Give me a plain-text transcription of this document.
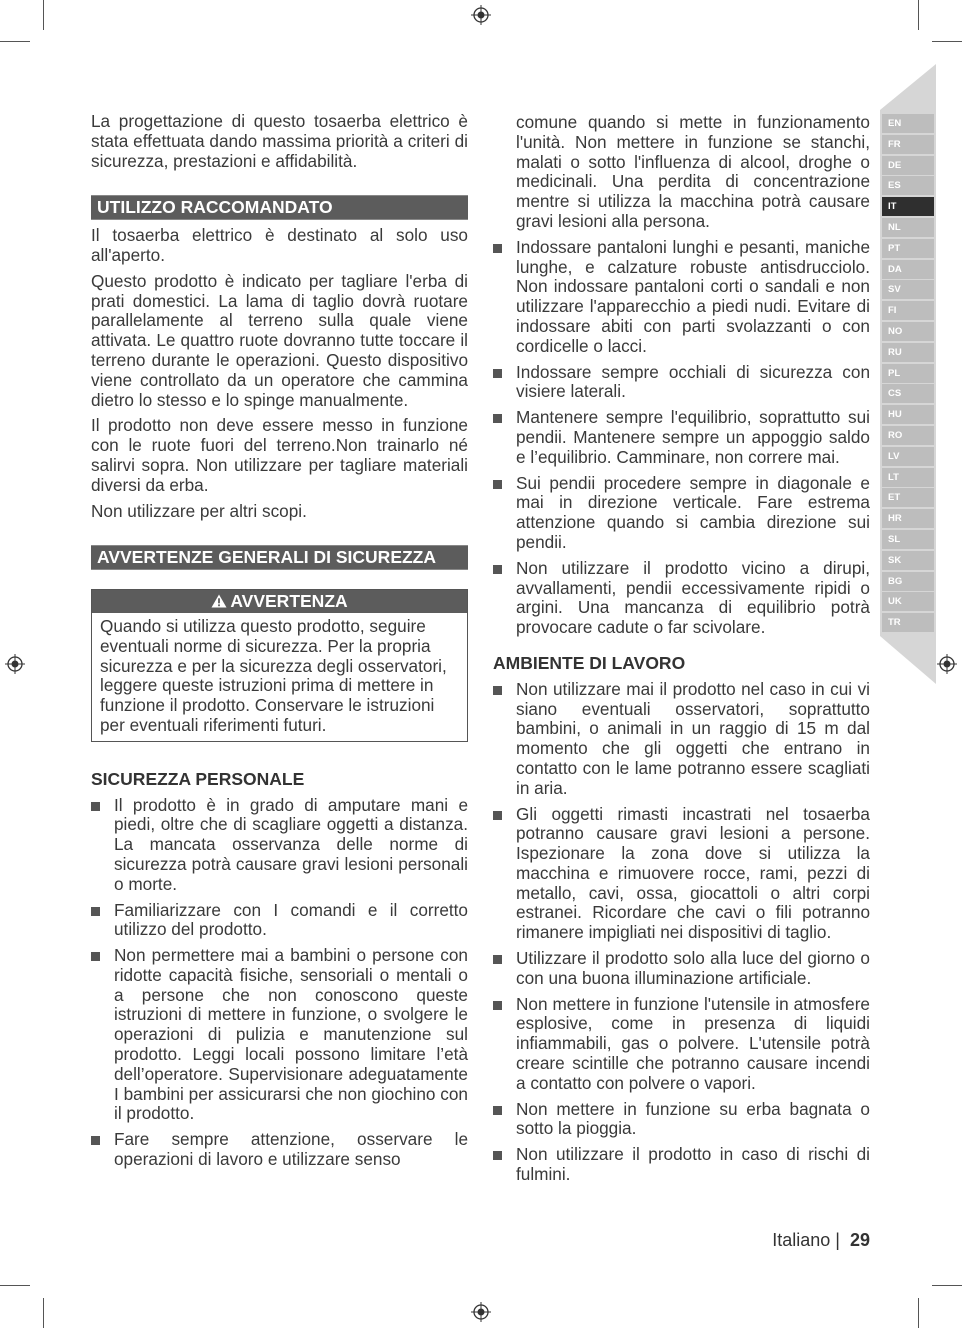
La progettazione di questo tosaerba elettrico è stata effettuata dando massima priorità a criteri di sicurezza, prestazioni e affidabilità.

UTILIZZO RACCOMANDATO

Il tosaerba elettrico è destinato al solo uso all'aperto.

Questo prodotto è indicato per tagliare l'erba di prati domestici. La lama di taglio dovrà ruotare parallelamente al terreno sulla quale viene attivata. Le quattro ruote dovranno tutte toccare il terreno durante le operazioni. Questo dispositivo viene controllato da un operatore che cammina dietro lo stesso e lo spinge manualmente.

Il prodotto non deve essere messo in funzione con le ruote fuori del terreno.Non trainarlo né salirvi sopra. Non utilizzare per tagliare materiali diversi da erba.

Non utilizzare per altri scopi.

AVVERTENZE GENERALI DI SICUREZZA
AVVERTENZA
Quando si utilizza questo prodotto, seguire eventuali norme di sicurezza. Per la propria sicurezza e per la sicurezza degli osservatori, leggere queste istruzioni prima di mettere in funzione il prodotto. Conservare le istruzioni per eventuali riferimenti futuri.
SICUREZZA PERSONALE
Il prodotto è in grado di amputare mani e piedi, oltre che di scagliare oggetti a distanza. La mancata osservanza delle norme di sicurezza potrà causare gravi lesioni personali o morte.
Familiarizzare con I comandi e il corretto utilizzo del prodotto.
Non permettere mai a bambini o persone con ridotte capacità fisiche, sensoriali o mentali o a persone che non conoscono queste istruzioni di mettere in funzione, o svolgere le operazioni di pulizia e manutenzione sul prodotto. Leggi locali possono limitare l’età dell’operatore. Supervisionare adeguatamente I bambini per assicurarsi che non giochino con il prodotto.
Fare sempre attenzione, osservare le operazioni di lavoro e utilizzare senso

comune quando si mette in funzionamento l'unità. Non mettere in funzione se stanchi, malati o sotto l'influenza di alcool, droghe o medicinali. Una perdita di concentrazione mentre si utilizza la macchina potrà causare gravi lesioni alla persona.

Indossare pantaloni lunghi e pesanti, maniche lunghe, e calzature robuste antisdrucciolo. Non indossare pantaloni corti o sandali e non utilizzare l'apparecchio a piedi nudi. Evitare di indossare abiti con parti svolazzanti o con cordicelle o lacci.
Indossare sempre occhiali di sicurezza con visiere laterali.
Mantenere sempre l'equilibrio, soprattutto sui pendii. Mantenere sempre un appoggio saldo e l’equilibrio. Camminare, non correre mai.
Sui pendii procedere sempre in diagonale e mai in direzione verticale. Fare estrema attenzione quando si cambia direzione sui pendii.
Non utilizzare il prodotto vicino a dirupi, avvallamenti, pendii eccessivamente ripidi o argini. Una mancanza di equilibrio potrà provocare cadute o far scivolare.
AMBIENTE DI LAVORO
Non utilizzare mai il prodotto nel caso in cui vi siano eventuali osservatori, soprattutto bambini, o animali in un raggio di 15 m dal momento che gli oggetti che entrano in contatto con le lame potranno essere scagliati in aria.
Gli oggetti rimasti incastrati nel tosaerba potranno causare gravi lesioni a persone. Ispezionare la zona dove si utilizza la macchina e rimuovere rocce, rami, pezzi di metallo, cavi, ossa, giocattoli o altri corpi estranei. Ricordare che cavi o fili potranno rimanere impigliati nei dispositivi di taglio.
Utilizzare il prodotto solo alla luce del giorno o con una buona illuminazione artificiale.
Non mettere in funzione l'utensile in atmosfere esplosive, come in presenza di liquidi infiammabili, gas o polvere. L'utensile potrà creare scintille che potranno causare incendi a contatto con polvere o vapori.
Non mettere in funzione su erba bagnata o sotto la pioggia.
Non utilizzare il prodotto in caso di rischi di fulmini.
EN
FR
DE
ES
IT
NL
PT
DA
SV
FI
NO
RU
PL
CS
HU
RO
LV
LT
ET
HR
SL
SK
BG
UK
TR
Italiano | 29
